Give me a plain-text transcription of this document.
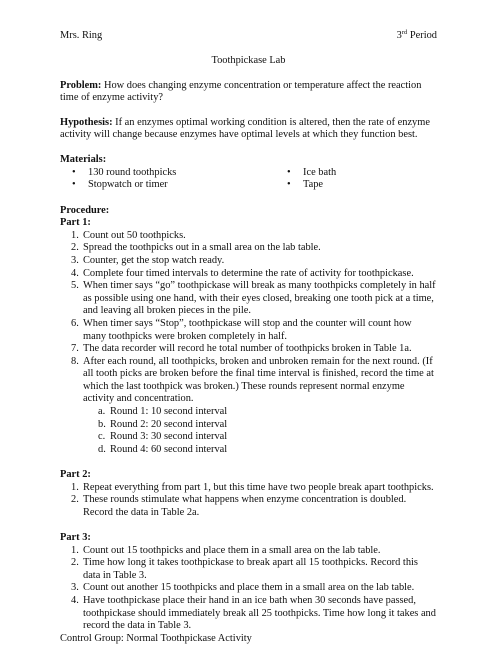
Mrs. Ring	3rd Period
Toothpickase Lab

Problem: How does changing enzyme concentration or temperature affect the reaction time of enzyme activity?

Hypothesis: If an enzymes optimal working condition is altered, then the rate of enzyme activity will change because enzymes have optimal levels at which they function best.

Materials:
• 130 round toothpicks
• Stopwatch or timer
• Ice bath
• Tape
Procedure:
Part 1:
1. Count out 50 toothpicks.
2. Spread the toothpicks out in a small area on the lab table.
3. Counter, get the stop watch ready.
4. Complete four timed intervals to determine the rate of activity for toothpickase.
5. When timer says “go” toothpickase will break as many toothpicks completely in half as possible using one hand, with their eyes closed, breaking one tooth pick at a time, and leaving all broken pieces in the pile.
6. When timer says “Stop”, toothpickase will stop and the counter will count how many toothpicks were broken completely in half.
7. The data recorder will record he total number of toothpicks broken in Table 1a.
8. After each round, all toothpicks, broken and unbroken remain for the next round. (If all tooth picks are broken before the final time interval is finished, record the time at which the last toothpick was broken.) These rounds represent normal enzyme activity and concentration.
a. Round 1: 10 second interval
b. Round 2: 20 second interval
c. Round 3: 30 second interval
d. Round 4: 60 second interval
Part 2:
1. Repeat everything from part 1, but this time have two people break apart toothpicks.
2. These rounds stimulate what happens when enzyme concentration is doubled. Record the data in Table 2a.
Part 3:
1. Count out 15 toothpicks and place them in a small area on the lab table.
2. Time how long it takes toothpickase to break apart all 15 toothpicks. Record this data in Table 3.
3. Count out another 15 toothpicks and place them in a small area on the lab table.
4. Have toothpickase place their hand in an ice bath when 30 seconds have passed, toothpickase should immediately break all 25 toothpicks. Time how long it takes and record the data in Table 3.

Control Group: Normal Toothpickase Activity
